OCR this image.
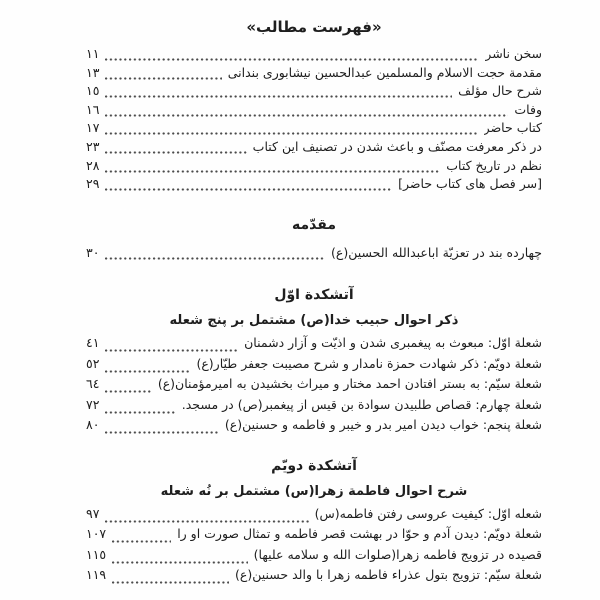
«فهرست مطالب»
سخن ناشر
١١
مقدمة حجت الاسلام والمسلمین عبدالحسین نیشابوری بندانی
١٣
شرح حال مؤلف
١٥
وفات
١٦
کتاب حاضر
١٧
در ذکر معرفت مصنّف و باعث شدن در تصنیف این کتاب
٢٣
نظم در تاریخ کتاب
٢٨
[سر فصل های کتاب حاضر]
٢٩
مقدّمه
چهارده بند در تعزیّة اباعبدالله الحسین(ع)
٣٠
آتشکدة اوّل
ذکر احوال حبیب خدا(ص) مشتمل بر پنج شعله
شعلة اوّل: مبعوث به پیغمبری شدن و اذیّت و آزار دشمنان
٤١
شعلة دویّم: ذکر شهادت حمزة نامدار و شرح مصیبت جعفر طیّار(ع)
٥٢
شعلة سیّم: به بستر افتادن احمد مختار و میراث بخشیدن به امیرمؤمنان(ع)
٦٤
شعلة چهارم: قصاص طلبیدن سوادة بن قیس از پیغمبر(ص) در مسجد.
٧٢
شعلة پنجم: خواب دیدن امیر بدر و خیبر و فاطمه و حسنین(ع)
٨٠
آتشکدة دویّم
شرح احوال فاطمة زهرا(س) مشتمل بر نُه شعله
شعله اوّل: کیفیت عروسی رفتن فاطمه(س)
٩٧
شعلة دویّم: دیدن آدم و حوّا در بهشت قصر فاطمه و تمثال صورت او را
١٠٧
قصیده در تزویج فاطمه زهرا(صلوات الله و سلامه علیها)
١١٥
شعلة سیّم: تزویج بتول عذراء فاطمه زهرا با والد حسنین(ع)
١١٩
